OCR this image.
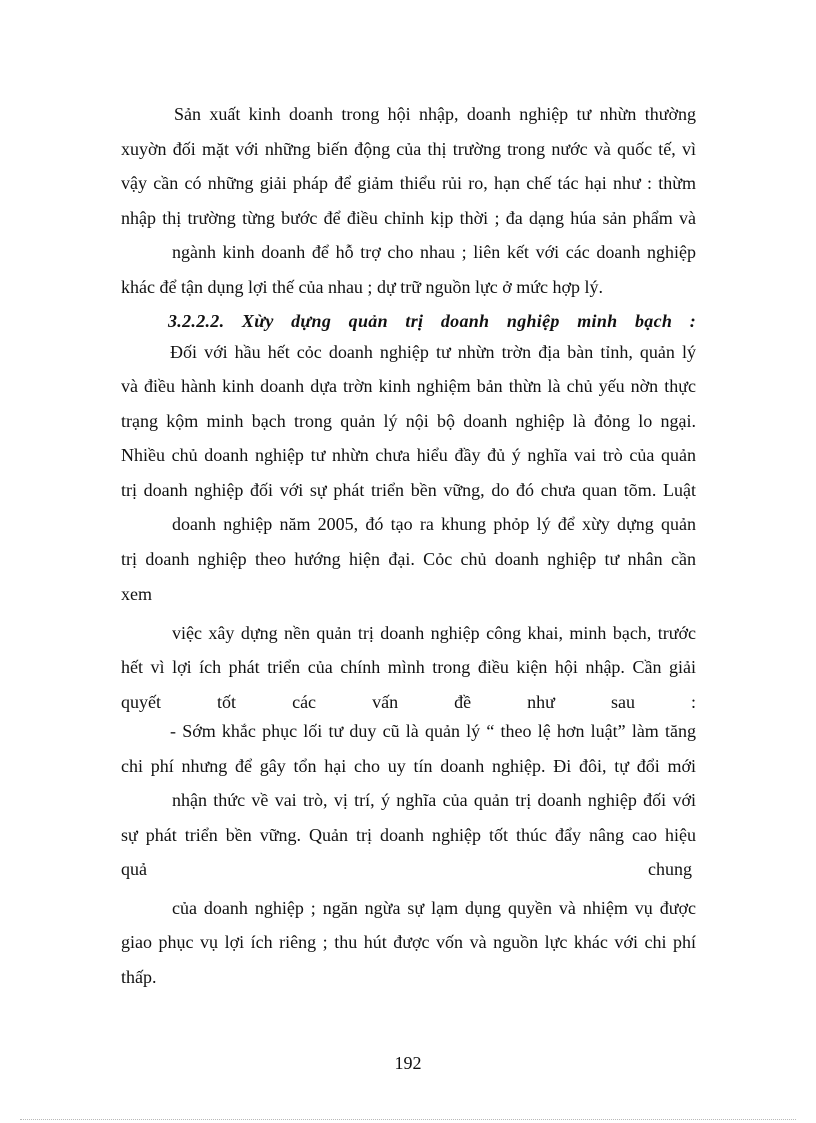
Sản xuất kinh doanh trong hội nhập, doanh nghiệp tư nhừn thường
xuyờn đối mặt với những biến động của thị trường trong nước và quốc tế, vì
vậy cần có những giải pháp để giảm thiểu rủi ro, hạn chế tác hại như : thừm
nhập thị trường từng bước để điều chỉnh kịp thời ; đa dạng húa sản phẩm và
ngành kinh doanh để hỗ trợ cho nhau ; liên kết với các doanh nghiệp
khác để tận dụng lợi thế của nhau ; dự trữ nguồn lực ở mức hợp lý.
3.2.2.2. Xừy dựng quản trị doanh nghiệp minh bạch :
Đối với hầu hết cỏc doanh nghiệp tư nhừn trờn địa bàn tỉnh, quản lý
và điều hành kinh doanh dựa trờn kinh nghiệm bản thừn là chủ yếu nờn thực
trạng kộm minh bạch trong quản lý nội bộ doanh nghiệp là đỏng lo ngại.
Nhiều chủ doanh nghiệp tư nhừn chưa hiểu đầy đủ ý nghĩa vai trò của quản
trị doanh nghiệp đối với sự phát triển bền vững, do đó chưa quan tõm. Luật
doanh nghiệp năm 2005, đó tạo ra khung phỏp lý để xừy dựng quản
trị doanh nghiệp theo hướng hiện đại. Cỏc chủ doanh nghiệp tư nhân cần
xem
việc xây dựng nền quản trị doanh nghiệp công khai, minh bạch, trước
hết vì lợi ích phát triển của chính mình trong điều kiện hội nhập. Cần giải
quyết tốt các vấn đề như sau :
- Sớm khắc phục lối tư duy cũ là quản lý “ theo lệ hơn luật” làm tăng
chi phí nhưng để gây tổn hại cho uy tín doanh nghiệp. Đi đôi, tự đổi mới
nhận thức về vai trò, vị trí, ý nghĩa của quản trị doanh nghiệp đối với
sự phát triển bền vững. Quản trị doanh nghiệp tốt thúc đẩy nâng cao hiệu
quả	chung
của doanh nghiệp ; ngăn ngừa sự lạm dụng quyền và nhiệm vụ được
giao phục vụ lợi ích riêng ; thu hút được vốn và nguồn lực khác với chi phí
thấp.
192
